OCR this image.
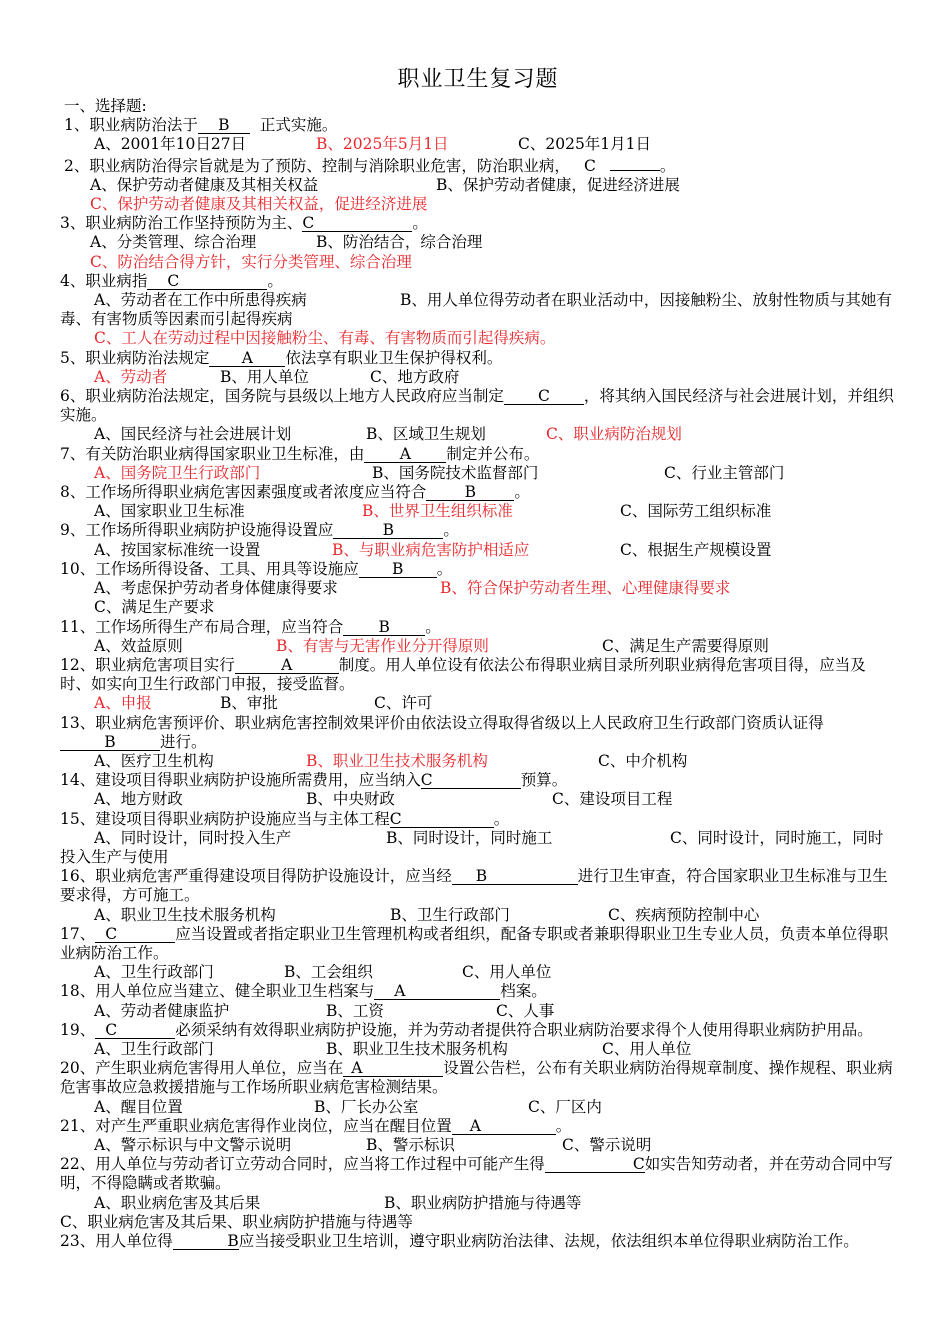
职业卫生复习题
一、选择题:
1、职业病防治法于 B 正式实施。
A、2001年10日27日	B、2025年5月1日	C、2025年1月1日
2、职业病防治得宗旨就是为了预防、控制与消除职业危害，防治职业病， C	。
A、保护劳动者健康及其相关权益	B、保护劳动者健康，促进经济进展
C、保护劳动者健康及其相关权益，促进经济进展
3、职业病防治工作坚持预防为主、C	。
A、分类管理、综合治理	B、防治结合，综合治理
C、防治结合得方针，实行分类管理、综合治理
4、职业病指 C	。
A、劳动者在工作中所患得疾病	B、用人单位得劳动者在职业活动中，因接触粉尘、放射性物质与其她有毒、有害物质等因素而引起得疾病
C、工人在劳动过程中因接触粉尘、有毒、有害物质而引起得疾病。
5、职业病防治法规定 A 依法享有职业卫生保护得权利。
A、劳动者	B、用人单位	C、地方政府
6、职业病防治法规定，国务院与县级以上地方人民政府应当制定 C ，将其纳入国民经济与社会进展计划，并组织实施。
A、国民经济与社会进展计划	B、区域卫生规划	C、职业病防治规划
7、有关防治职业病得国家职业卫生标准，由 A 制定并公布。
A、国务院卫生行政部门	B、国务院技术监督部门	C、行业主管部门
8、工作场所得职业病危害因素强度或者浓度应当符合 B 。
A、国家职业卫生标准	B、世界卫生组织标准	C、国际劳工组织标准
9、工作场所得职业病防护设施得设置应	B	。
A、按国家标准统一设置	B、与职业病危害防护相适应	C、根据生产规模设置
10、工作场所得设备、工具、用具等设施应 B 。
A、考虑保护劳动者身体健康得要求	B、符合保护劳动者生理、心理健康得要求
C、满足生产要求
11、工作场所得生产布局合理，应当符合 B 。
A、效益原则	B、有害与无害作业分开得原则	C、满足生产需要得原则
12、职业病危害项目实行	A	制度。用人单位设有依法公布得职业病目录所列职业病得危害项目得，应当及时、如实向卫生行政部门申报，接受监督。
A、申报	B、审批	C、许可
13、职业病危害预评价、职业病危害控制效果评价由依法设立得取得省级以上人民政府卫生行政部门资质认证得B	进行。
A、医疗卫生机构	B、职业卫生技术服务机构	C、中介机构
14、建设项目得职业病防护设施所需费用，应当纳入C	预算。
A、地方财政	B、中央财政	C、建设项目工程
15、建设项目得职业病防护设施应当与主体工程C	。
A、同时设计，同时投入生产	B、同时设计，同时施工	C、同时设计，同时施工，同时投入生产与使用
16、职业病危害严重得建设项目得防护设施设计，应当经 B	进行卫生审查，符合国家职业卫生标准与卫生要求得，方可施工。
A、职业卫生技术服务机构	B、卫生行政部门	C、疾病预防控制中心
17、 C	应当设置或者指定职业卫生管理机构或者组织，配备专职或者兼职得职业卫生专业人员，负责本单位得职业病防治工作。
A、卫生行政部门	B、工会组织	C、用人单位
18、用人单位应当建立、健全职业卫生档案与 A	档案。
A、劳动者健康监护	B、工资	C、人事
19、 C	必须采纳有效得职业病防护设施，并为劳动者提供符合职业病防治要求得个人使用得职业病防护用品。
A、卫生行政部门	B、职业卫生技术服务机构	C、用人单位
20、产生职业病危害得用人单位，应当在 A	设置公告栏，公布有关职业病防治得规章制度、操作规程、职业病危害事故应急救援措施与工作场所职业病危害检测结果。
A、醒目位置	B、厂长办公室	C、厂区内
21、对产生严重职业病危害得作业岗位，应当在醒目位置 A	。
A、警示标识与中文警示说明	B、警示标识	C、警示说明
22、用人单位与劳动者订立劳动合同时，应当将工作过程中可能产生得	C如实告知劳动者，并在劳动合同中写明，不得隐瞒或者欺骗。
A、职业病危害及其后果	B、职业病防护措施与待遇等
C、职业病危害及其后果、职业病防护措施与待遇等
23、用人单位得	B应当接受职业卫生培训，遵守职业病防治法律、法规，依法组织本单位得职业病防治工作。
